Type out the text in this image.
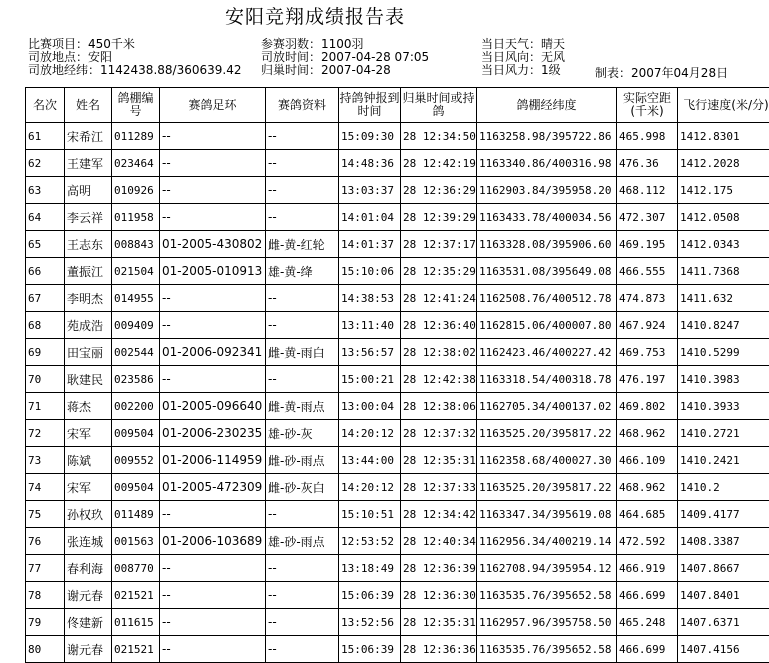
安阳竞翔成绩报告表
比赛项目：450千米
司放地点：安阳
司放地经纬：1142438.88/360639.42
参赛羽数：1100羽
司放时间：2007-04-28 07:05
归巢时间：2007-04-28
当日天气：晴天
当日风向：无风
当日风力：1级	制表：2007年04月28日
名次	姓名	鸽棚编号	赛鸽足环	赛鸽资料	持鸽钟报到时间	归巢时间或持鸽	鸽棚经纬度	实际空距(千米)	飞行速度(米/分)
61	宋希江	011289	--	--	15:09:30	28 12:34:50	1163258.98/395722.86	465.998	1412.8301
62	王建军	023464	--	--	14:48:36	28 12:42:19	1163340.86/400316.98	476.36	1412.2028
63	高明	010926	--	--	13:03:37	28 12:36:29	1162903.84/395958.20	468.112	1412.175
64	李云祥	011958	--	--	14:01:04	28 12:39:29	1163433.78/400034.56	472.307	1412.0508
65	王志东	008843	01-2005-430802	雌-黄-红轮	14:01:37	28 12:37:17	1163328.08/395906.60	469.195	1412.0343
66	董振江	021504	01-2005-010913	雄-黄-绛	15:10:06	28 12:35:29	1163531.08/395649.08	466.555	1411.7368
67	李明杰	014955	--	--	14:38:53	28 12:41:24	1162508.76/400512.78	474.873	1411.632
68	苑成浩	009409	--	--	13:11:40	28 12:36:40	1162815.06/400007.80	467.924	1410.8247
69	田宝丽	002544	01-2006-092341	雌-黄-雨白	13:56:57	28 12:38:02	1162423.46/400227.42	469.753	1410.5299
70	耿建民	023586	--	--	15:00:21	28 12:42:38	1163318.54/400318.78	476.197	1410.3983
71	蒋杰	002200	01-2005-096640	雌-黄-雨点	13:00:04	28 12:38:06	1162705.34/400137.02	469.802	1410.3933
72	宋军	009504	01-2006-230235	雄-砂-灰	14:20:12	28 12:37:32	1163525.20/395817.22	468.962	1410.2721
73	陈斌	009552	01-2006-114959	雌-砂-雨点	13:44:00	28 12:35:31	1162358.68/400027.30	466.109	1410.2421
74	宋军	009504	01-2005-472309	雌-砂-灰白	14:20:12	28 12:37:33	1163525.20/395817.22	468.962	1410.2
75	孙权玖	011489	--	--	15:10:51	28 12:34:42	1163347.34/395619.08	464.685	1409.4177
76	张连城	001563	01-2006-103689	雄-砂-雨点	12:53:52	28 12:40:34	1162956.34/400219.14	472.592	1408.3387
77	春利海	008770	--	--	13:18:49	28 12:36:39	1162708.94/395954.12	466.919	1407.8667
78	谢元春	021521	--	--	15:06:39	28 12:36:30	1163535.76/395652.58	466.699	1407.8401
79	佟建新	011615	--	--	13:52:56	28 12:35:31	1162957.96/395758.50	465.248	1407.6371
80	谢元春	021521	--	--	15:06:39	28 12:36:36	1163535.76/395652.58	466.699	1407.4156
